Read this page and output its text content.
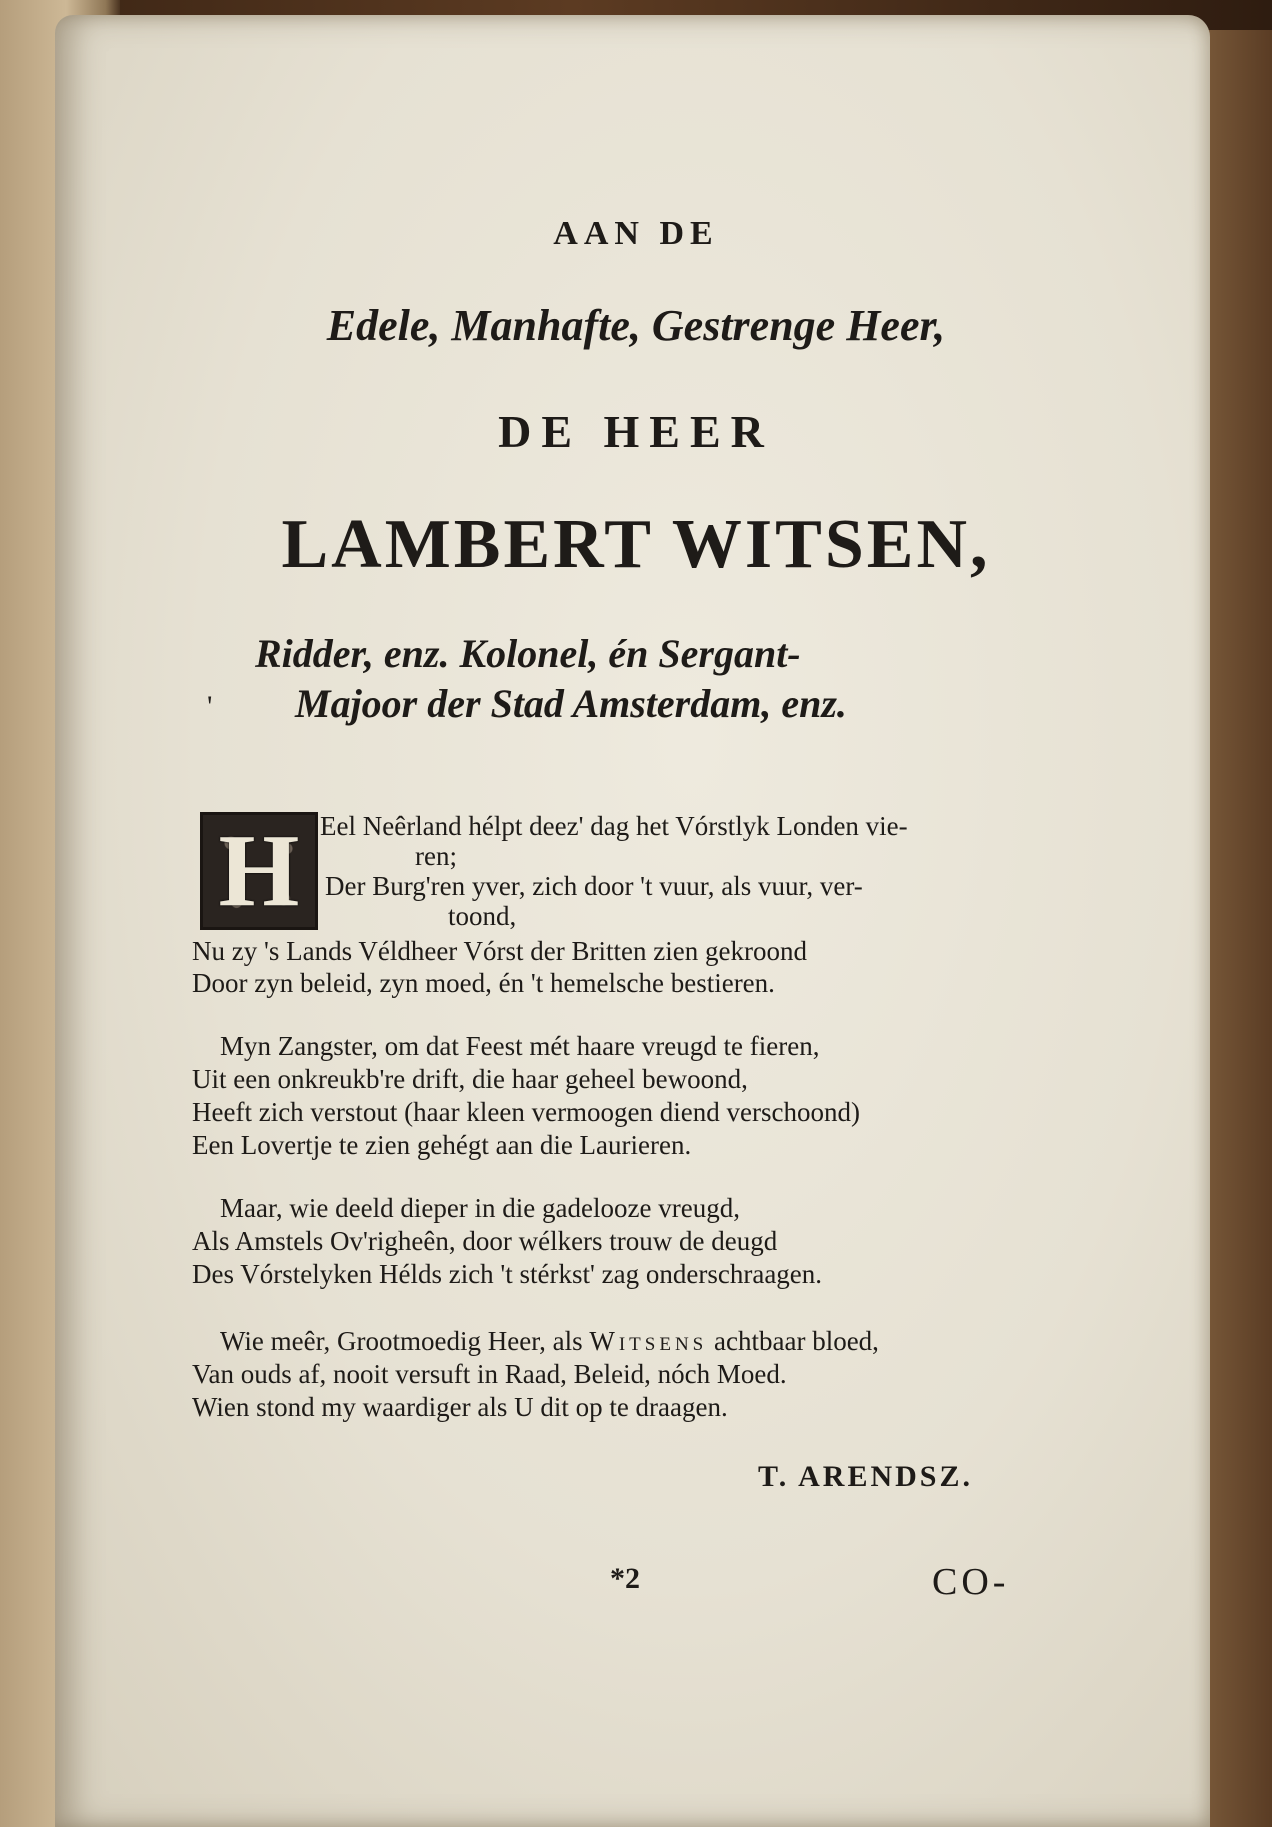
AAN DE
Edele, Manhafte, Gestrenge Heer,
DE HEER
LAMBERT WITSEN,
Ridder, enz. Kolonel, én Sergant-
' Majoor der Stad Amsterdam, enz.
H Eel Neêrland hélpt deez' dag het Vórstlyk Londen vie-
ren;
Der Burg'ren yver, zich door 't vuur, als vuur, ver-
toond,
Nu zy 's Lands Véldheer Vórst der Britten zien gekroond
Door zyn beleid, zyn moed, én 't hemelsche bestieren.
Myn Zangster, om dat Feest mét haare vreugd te fieren,
Uit een onkreukb're drift, die haar geheel bewoond,
Heeft zich verstout (haar kleen vermoogen diend verschoond)
Een Lovertje te zien gehégt aan die Laurieren.
Maar, wie deeld dieper in die gadelooze vreugd,
Als Amstels Ov'righeên, door wélkers trouw de deugd
Des Vórstelyken Hélds zich 't stérkst' zag onderschraagen.
Wie meêr, Grootmoedig Heer, als Witsens achtbaar bloed,
Van ouds af, nooit versuft in Raad, Beleid, nóch Moed.
Wien stond my waardiger als U dit op te draagen.
T. ARENDSZ.
*2	CO-
